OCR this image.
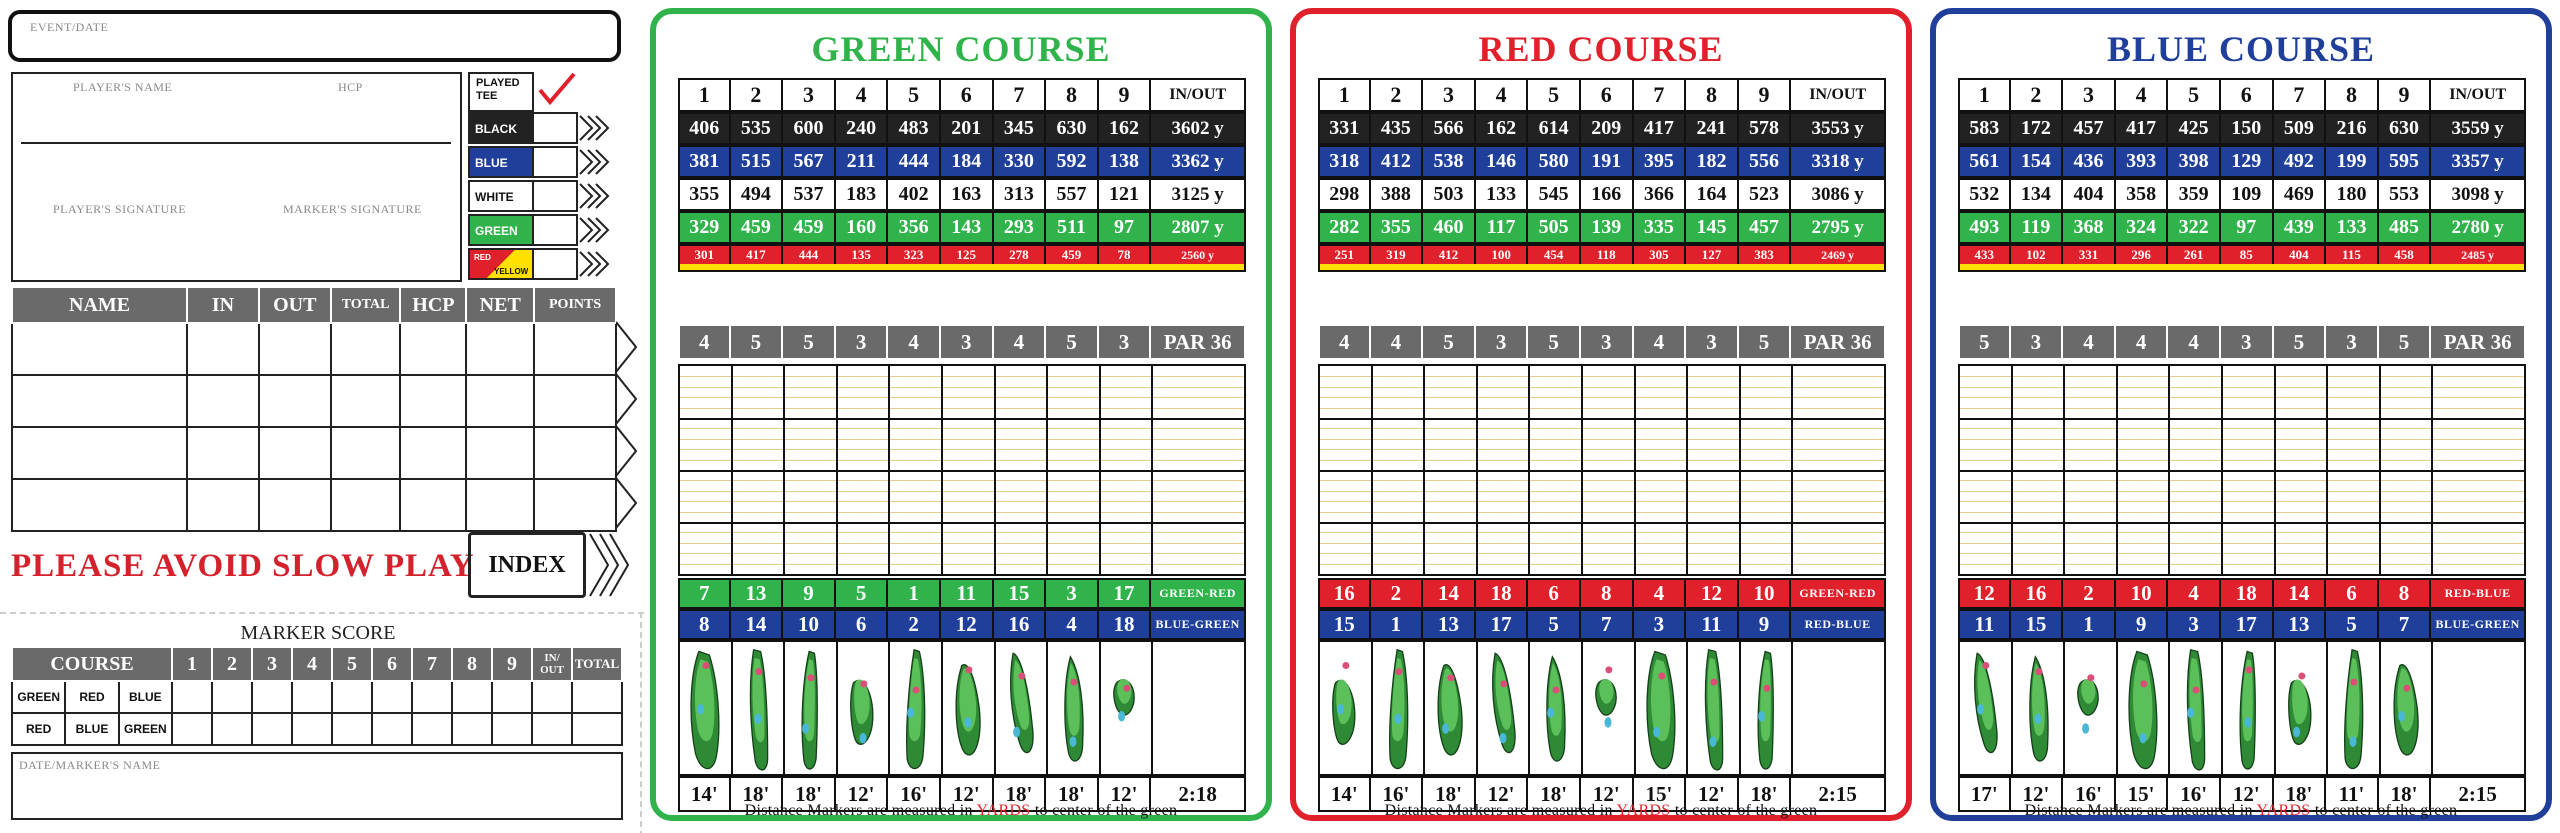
EVENT/DATE
PLAYER'S NAME	HCP
PLAYER'S SIGNATURE	MARKER'S SIGNATURE
PLAYED TEE
BLACK
BLUE
WHITE
GREEN
RED
YELLOW
NAME	IN	OUT	TOTAL	HCP	NET	POINTS

PLEASE AVOID SLOW PLAY INDEX
MARKER SCORE
COURSE			1	2	3	4	5	6	7	8	9	IN/ OUT	TOTAL
GREEN	RED	BLUE											
RED	BLUE	GREEN											
DATE/MARKER'S NAME
GREEN COURSE
1	2	3	4	5	6	7	8	9	IN/OUT
406	535	600	240	483	201	345	630	162	3602 y
381	515	567	211	444	184	330	592	138	3362 y
355	494	537	183	402	163	313	557	121	3125 y
329	459	459	160	356	143	293	511	97	2807 y
301	417	444	135	323	125	278	459	78	2560 y
4	5	5	3	4	3	4	5	3	PAR 36
7	13	9	5	1	11	15	3	17	GREEN-RED
8	14	10	6	2	12	16	4	18	BLUE-GREEN
14'	18'	18'	12'	16'	12'	18'	18'	12'	2:18
Distance Markers are measured in YARDS to center of the green
RED COURSE
1	2	3	4	5	6	7	8	9	IN/OUT
331	435	566	162	614	209	417	241	578	3553 y
318	412	538	146	580	191	395	182	556	3318 y
298	388	503	133	545	166	366	164	523	3086 y
282	355	460	117	505	139	335	145	457	2795 y
251	319	412	100	454	118	305	127	383	2469 y
4	4	5	3	5	3	4	3	5	PAR 36
16	2	14	18	6	8	4	12	10	GREEN-RED
15	1	13	17	5	7	3	11	9	RED-BLUE
14'	16'	18'	12'	18'	12'	15'	12'	18'	2:15
Distance Markers are measured in YARDS to center of the green
BLUE COURSE
1	2	3	4	5	6	7	8	9	IN/OUT
583	172	457	417	425	150	509	216	630	3559 y
561	154	436	393	398	129	492	199	595	3357 y
532	134	404	358	359	109	469	180	553	3098 y
493	119	368	324	322	97	439	133	485	2780 y
433	102	331	296	261	85	404	115	458	2485 y
5	3	4	4	4	3	5	3	5	PAR 36
12	16	2	10	4	18	14	6	8	RED-BLUE
11	15	1	9	3	17	13	5	7	BLUE-GREEN
17'	12'	16'	15'	16'	12'	18'	11'	18'	2:15
Distance Markers are measured in YARDS to center of the green
